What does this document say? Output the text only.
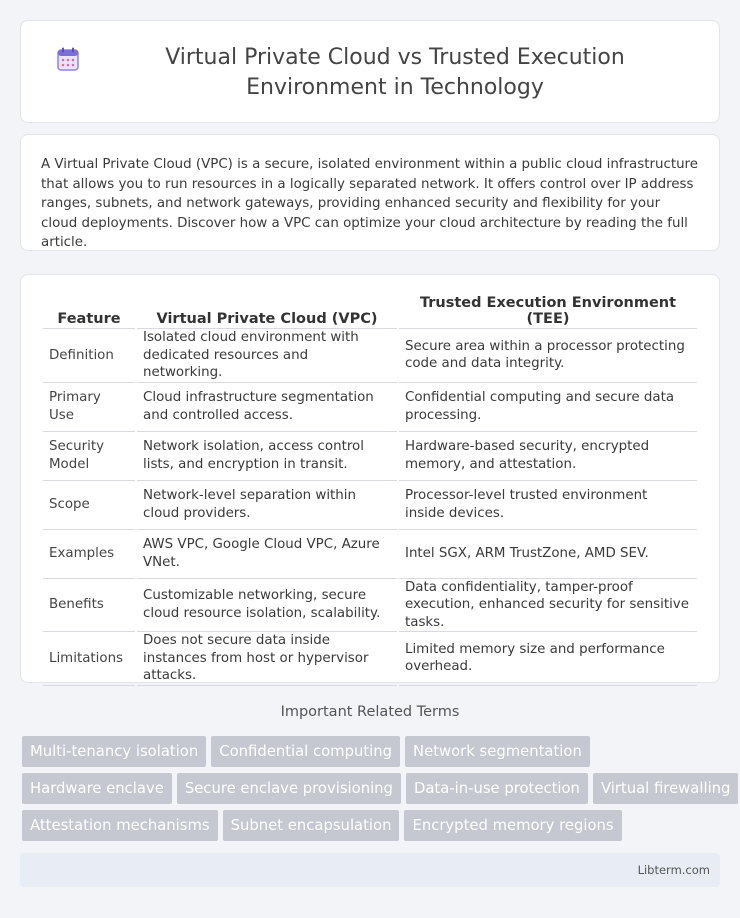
Virtual Private Cloud vs Trusted Execution Environment in Technology

A Virtual Private Cloud (VPC) is a secure, isolated environment within a public cloud infrastructure that allows you to run resources in a logically separated network. It offers control over IP address ranges, subnets, and network gateways, providing enhanced security and flexibility for your cloud deployments. Discover how a VPC can optimize your cloud architecture by reading the full article.

Feature	Virtual Private Cloud (VPC)	Trusted Execution Environment (TEE)
Definition	Isolated cloud environment with dedicated resources and networking.	Secure area within a processor protecting code and data integrity.
Primary Use	Cloud infrastructure segmentation and controlled access.	Confidential computing and secure data processing.
Security Model	Network isolation, access control lists, and encryption in transit.	Hardware-based security, encrypted memory, and attestation.
Scope	Network-level separation within cloud providers.	Processor-level trusted environment inside devices.
Examples	AWS VPC, Google Cloud VPC, Azure VNet.	Intel SGX, ARM TrustZone, AMD SEV.
Benefits	Customizable networking, secure cloud resource isolation, scalability.	Data confidentiality, tamper-proof execution, enhanced security for sensitive tasks.
Limitations	Does not secure data inside instances from host or hypervisor attacks.	Limited memory size and performance overhead.
Important Related Terms
Multi-tenancy isolation	Confidential computing	Network segmentation
Hardware enclave	Secure enclave provisioning	Data-in-use protection	Virtual firewalling
Attestation mechanisms	Subnet encapsulation	Encrypted memory regions
Libterm.com
